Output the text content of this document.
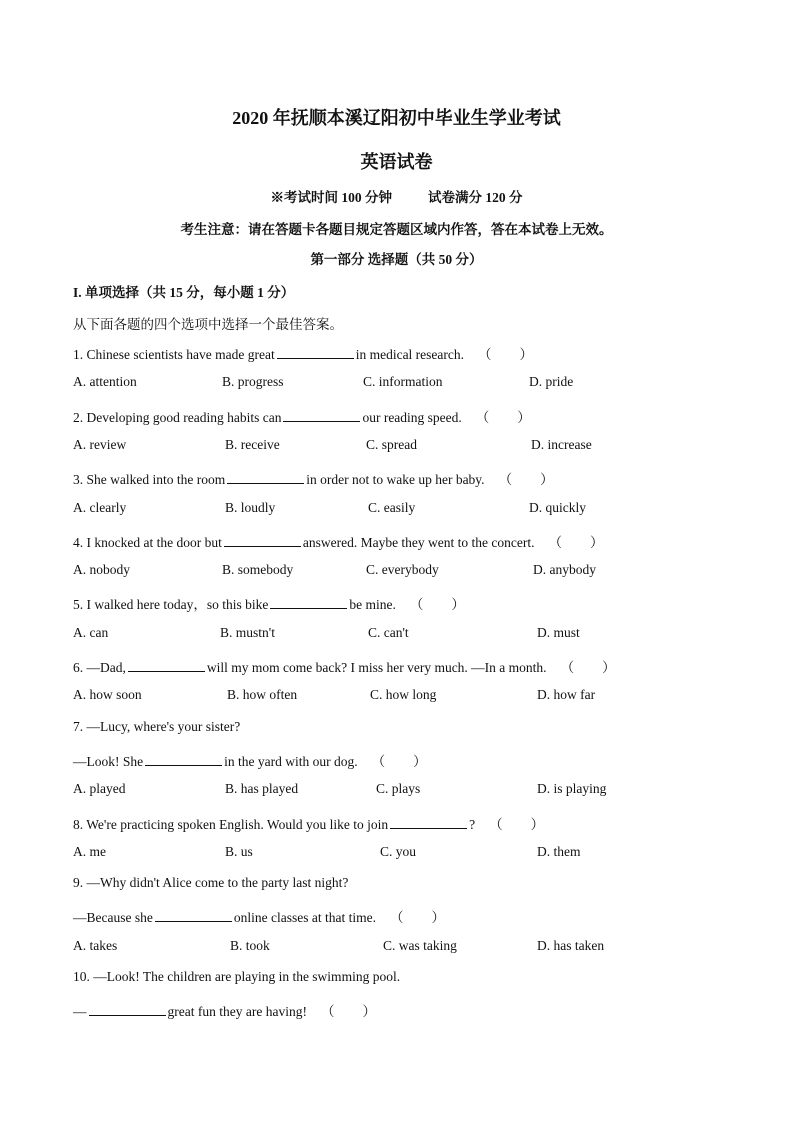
2020 年抚顺本溪辽阳初中毕业生学业考试
英语试卷
※考试时间 100 分钟	试卷满分 120 分
考生注意：请在答题卡各题目规定答题区域内作答，答在本试卷上无效。
第一部分 选择题（共 50 分）
I. 单项选择（共 15 分，每小题 1 分）
从下面各题的四个选项中选择一个最佳答案。
1. Chinese scientists have made great	in medical research. （ ）
A. attention	B. progress	C. information	D. pride
2. Developing good reading habits can	our reading speed. （ ）
A. review	B. receive	C. spread	D. increase
3. She walked into the room	in order not to wake up her baby. （ ）
A. clearly	B. loudly	C. easily	D. quickly
4. I knocked at the door but	answered. Maybe they went to the concert. （ ）
A. nobody	B. somebody	C. everybody	D. anybody
5. I walked here today，so this bike	be mine. （ ）
A. can	B. mustn't	C. can't	D. must
6. —Dad,	will my mom come back? I miss her very much. —In a month. （ ）
A. how soon	B. how often	C. how long	D. how far
7. —Lucy, where's your sister?
—Look! She	in the yard with our dog. （ ）
A. played	B. has played	C. plays	D. is playing
8. We're practicing spoken English. Would you like to join	? （ ）
A. me	B. us	C. you	D. them
9. —Why didn't Alice come to the party last night?
—Because she	online classes at that time. （ ）
A. takes	B. took	C. was taking	D. has taken
10. —Look! The children are playing in the swimming pool.
—	great fun they are having! （ ）
